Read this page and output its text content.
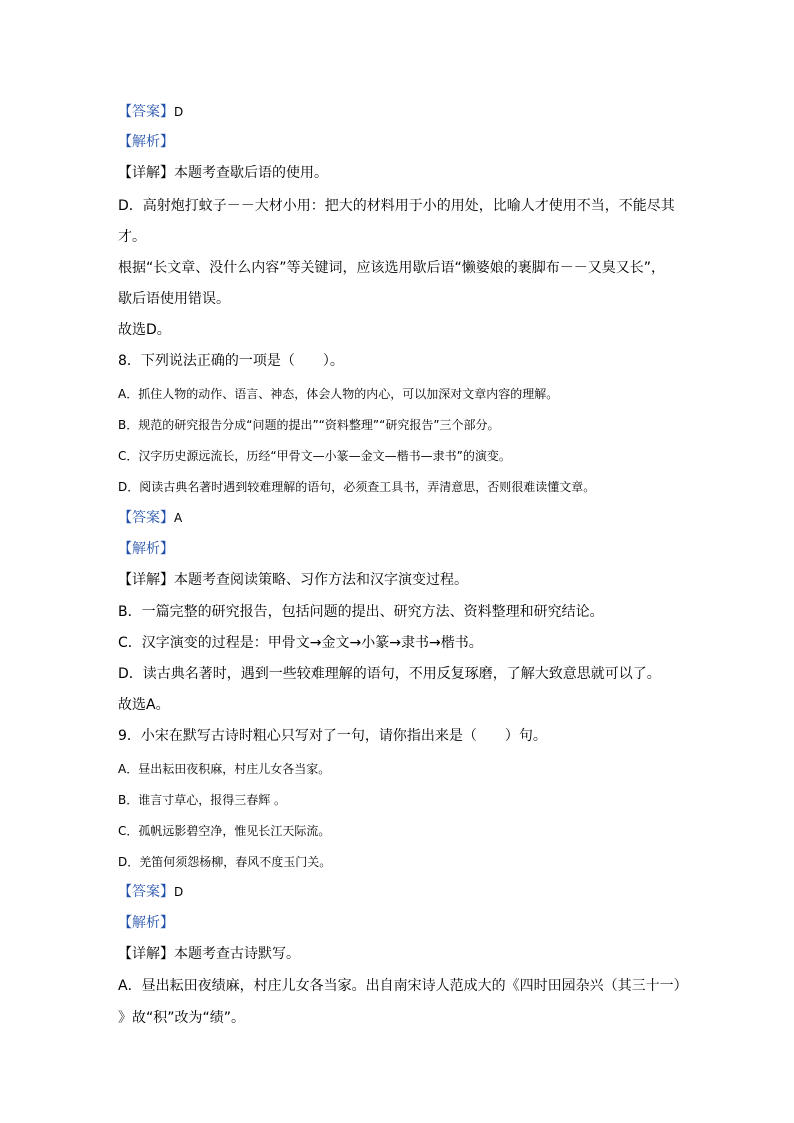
【答案】D
【解析】
【详解】本题考查歇后语的使用。
D．高射炮打蚊子－－大材小用：把大的材料用于小的用处，比喻人才使用不当，不能尽其
才。
根据“长文章、没什么内容”等关键词，应该选用歇后语“懒婆娘的裹脚布－－又臭又长”，
歇后语使用错误。
故选D。
8．下列说法正确的一项是（　　）。
A．抓住人物的动作、语言、神态，体会人物的内心，可以加深对文章内容的理解。
B．规范的研究报告分成“问题的提出”“资料整理”“研究报告”三个部分。
C．汉字历史源远流长，历经“甲骨文—小篆—金文—楷书—隶书”的演变。
D．阅读古典名著时遇到较难理解的语句，必须查工具书，弄清意思，否则很难读懂文章。
【答案】A
【解析】
【详解】本题考查阅读策略、习作方法和汉字演变过程。
B．一篇完整的研究报告，包括问题的提出、研究方法、资料整理和研究结论。
C．汉字演变的过程是：甲骨文→金文→小篆→隶书→楷书。
D．读古典名著时，遇到一些较难理解的语句，不用反复琢磨，了解大致意思就可以了。
故选A。
9．小宋在默写古诗时粗心只写对了一句，请你指出来是（　　）句。
A．昼出耘田夜积麻，村庄儿女各当家。
B．谁言寸草心，报得三春辉 。
C．孤帆远影碧空净，惟见长江天际流。
D．羌笛何须怨杨柳，春风不度玉门关。
【答案】D
【解析】
【详解】本题考查古诗默写。
A．昼出耘田夜绩麻，村庄儿女各当家。出自南宋诗人范成大的《四时田园杂兴（其三十一）
》故“积”改为“绩”。
